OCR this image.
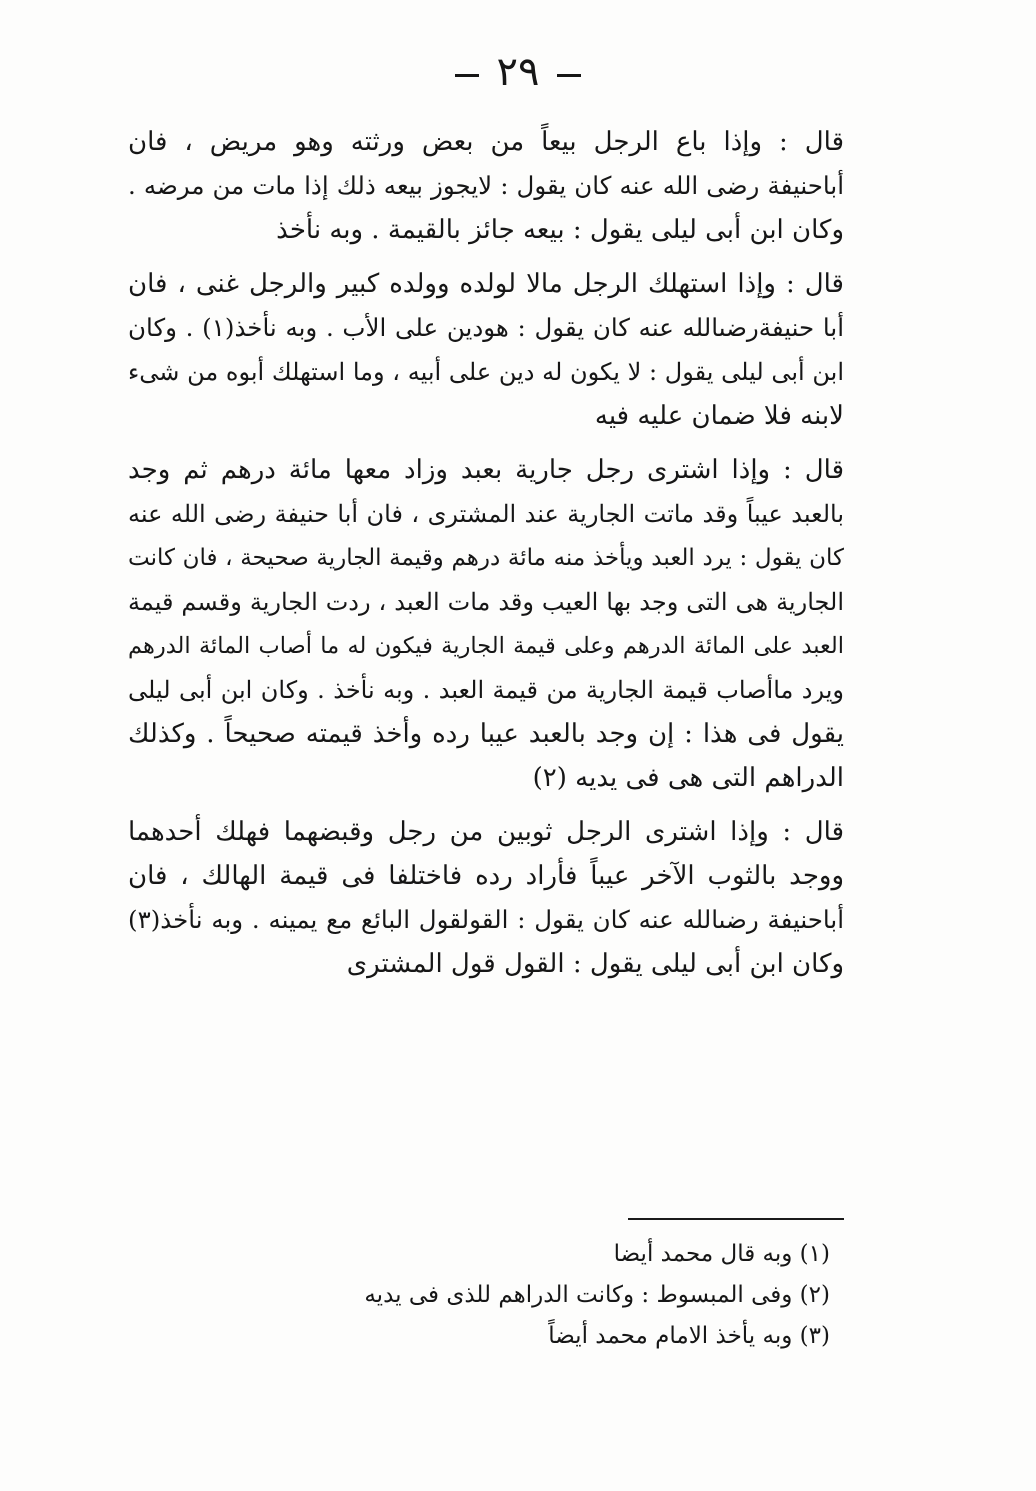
٢٩

قال : وإذا باع الرجل بيعاً من بعض ورثته وهو مريض ، فان
أباحنيفة رضى الله عنه كان يقول : لايجوز بيعه ذلك إذا مات من مرضه .
وكان ابن أبى ليلى يقول : بيعه جائز بالقيمة . وبه نأخذ

قال : وإذا استهلك الرجل مالا لولده وولده كبير والرجل غنى ، فان
أبا حنيفةرضىالله عنه كان يقول : هودين على الأب . وبه نأخذ(١) . وكان
ابن أبى ليلى يقول : لا يكون له دين على أبيه ، وما استهلك أبوه من شىء
لابنه فلا ضمان عليه فيه

قال : وإذا اشترى رجل جارية بعبد وزاد معها مائة درهم ثم وجد
بالعبد عيباً وقد ماتت الجارية عند المشترى ، فان أبا حنيفة رضى الله عنه
كان يقول : يرد العبد ويأخذ منه مائة درهم وقيمة الجارية صحيحة ، فان كانت
الجارية هى التى وجد بها العيب وقد مات العبد ، ردت الجارية وقسم قيمة
العبد على المائة الدرهم وعلى قيمة الجارية فيكون له ما أصاب المائة الدرهم
ويرد ماأصاب قيمة الجارية من قيمة العبد . وبه نأخذ . وكان ابن أبى ليلى
يقول فى هذا : إن وجد بالعبد عيبا رده وأخذ قيمته صحيحاً . وكذلك
الدراهم التى هى فى يديه (٢)

قال : وإذا اشترى الرجل ثوبين من رجل وقبضهما فهلك أحدهما
ووجد بالثوب الآخر عيباً فأراد رده فاختلفا فى قيمة الهالك ، فان
أباحنيفة رضىالله عنه كان يقول : القولقول البائع مع يمينه . وبه نأخذ(٣)
وكان ابن أبى ليلى يقول : القول قول المشترى

(١) وبه قال محمد أيضا
(٢) وفى المبسوط : وكانت الدراهم للذى فى يديه
(٣) وبه يأخذ الامام محمد أيضاً
